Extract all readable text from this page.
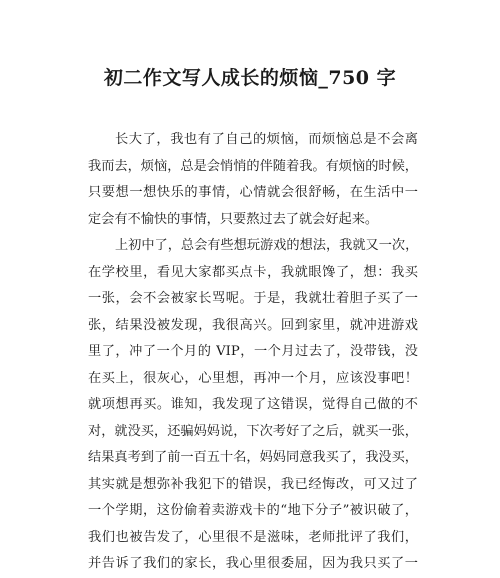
初二作文写人成长的烦恼_750 字
长大了，我也有了自己的烦恼，而烦恼总是不会离
我而去，烦恼，总是会悄悄的伴随着我。有烦恼的时候，
只要想一想快乐的事情，心情就会很舒畅，在生活中一
定会有不愉快的事情，只要熬过去了就会好起来。
上初中了，总会有些想玩游戏的想法，我就又一次，
在学校里，看见大家都买点卡，我就眼馋了，想：我买
一张，会不会被家长骂呢。于是，我就壮着胆子买了一
张，结果没被发现，我很高兴。回到家里，就冲进游戏
里了，冲了一个月的 VIP，一个月过去了，没带钱，没
在买上，很灰心，心里想，再冲一个月，应该没事吧！
就项想再买。谁知，我发现了这错误，觉得自己做的不
对，就没买，还骗妈妈说，下次考好了之后，就买一张，
结果真考到了前一百五十名，妈妈同意我买了，我没买，
其实就是想弥补我犯下的错误，我已经悔改，可又过了
一个学期，这份偷着卖游戏卡的“地下分子”被识破了，
我们也被告发了，心里很不是滋味，老师批评了我们，
并告诉了我们的家长，我心里很委屈，因为我只买了一
